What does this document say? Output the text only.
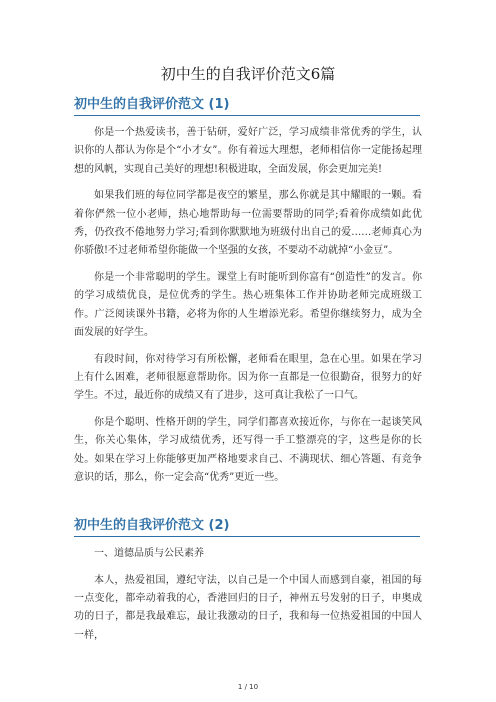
初中生的自我评价范文6篇
初中生的自我评价范文 (1)

你是一个热爱读书，善于钻研，爱好广泛，学习成绩非常优秀的学生，认识你的人都认为你是个“小才女”。你有着远大理想，老师相信你一定能扬起理想的风帆，实现自己美好的理想!积极进取，全面发展，你会更加完美!

如果我们班的每位同学都是夜空的繁星，那么你就是其中耀眼的一颗。看着你俨然一位小老师，热心地帮助每一位需要帮助的同学;看着你成绩如此优秀，仍孜孜不倦地努力学习;看到你默默地为班级付出自己的爱……老师真心为你骄傲!不过老师希望你能做一个坚强的女孩，不要动不动就掉“小金豆”。

你是一个非常聪明的学生。课堂上有时能听到你富有“创造性”的发言。你的学习成绩优良，是位优秀的学生。热心班集体工作并协助老师完成班级工作。广泛阅读课外书籍，必将为你的人生增添光彩。希望你继续努力，成为全面发展的好学生。

有段时间，你对待学习有所松懈，老师看在眼里，急在心里。如果在学习上有什么困难，老师很愿意帮助你。因为你一直都是一位很勤奋，很努力的好学生。不过，最近你的成绩又有了进步，这可真让我松了一口气。

你是个聪明、性格开朗的学生，同学们都喜欢接近你，与你在一起谈笑风生，你关心集体，学习成绩优秀，还写得一手工整漂亮的字，这些是你的长处。如果在学习上你能够更加严格地要求自己、不满现状、细心答题、有竞争意识的话，那么，你一定会高“优秀”更近一些。

初中生的自我评价范文 (2)

一、道德品质与公民素养

本人，热爱祖国，遵纪守法，以自己是一个中国人而感到自豪，祖国的每一点变化，都牵动着我的心，香港回归的日子，神州五号发射的日子，申奥成功的日子，都是我最难忘，最让我激动的日子，我和每一位热爱祖国的中国人一样，

1 / 10
